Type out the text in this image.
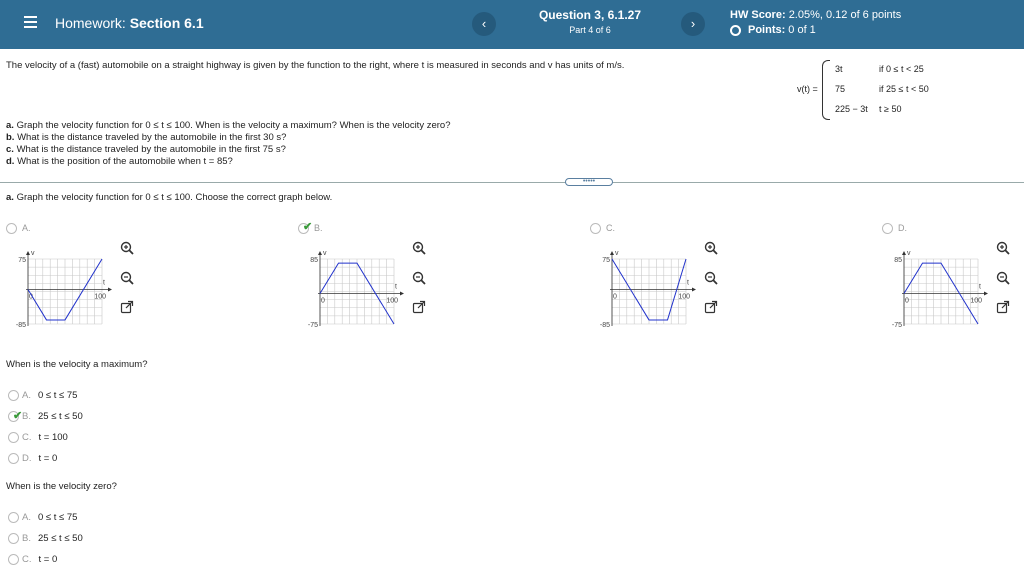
Homework: Section 6.1	‹
Question 3, 6.1.27
Part 4 of 6	›
HW Score: 2.05%, 0.12 of 6 points
Points: 0 of 1
The velocity of a (fast) automobile on a straight highway is given by the function to the right, where t is measured in seconds and v has units of m/s.
v(t) =
3t	if 0 ≤ t < 25
75	if 25 ≤ t < 50
225 − 3t t ≥ 50
a. Graph the velocity function for 0 ≤ t ≤ 100. When is the velocity a maximum? When is the velocity zero?
b. What is the distance traveled by the automobile in the first 30 s?
c. What is the distance traveled by the automobile in the first 75 s?
d. What is the position of the automobile when t = 85?
•••••
a. Graph the velocity function for 0 ≤ t ≤ 100. Choose the correct graph below.
A.
v
75
-85
t
100
0
✔ B.
v
85
-75
t
100
0
C.
v
75
-85
t
100
0
D.
v
85
-75
t
100
0
When is the velocity a maximum?
A. 0 ≤ t ≤ 75
✔ B. 25 ≤ t ≤ 50
C. t = 100
D. t = 0
When is the velocity zero?
A. 0 ≤ t ≤ 75
B. 25 ≤ t ≤ 50
C. t = 0
